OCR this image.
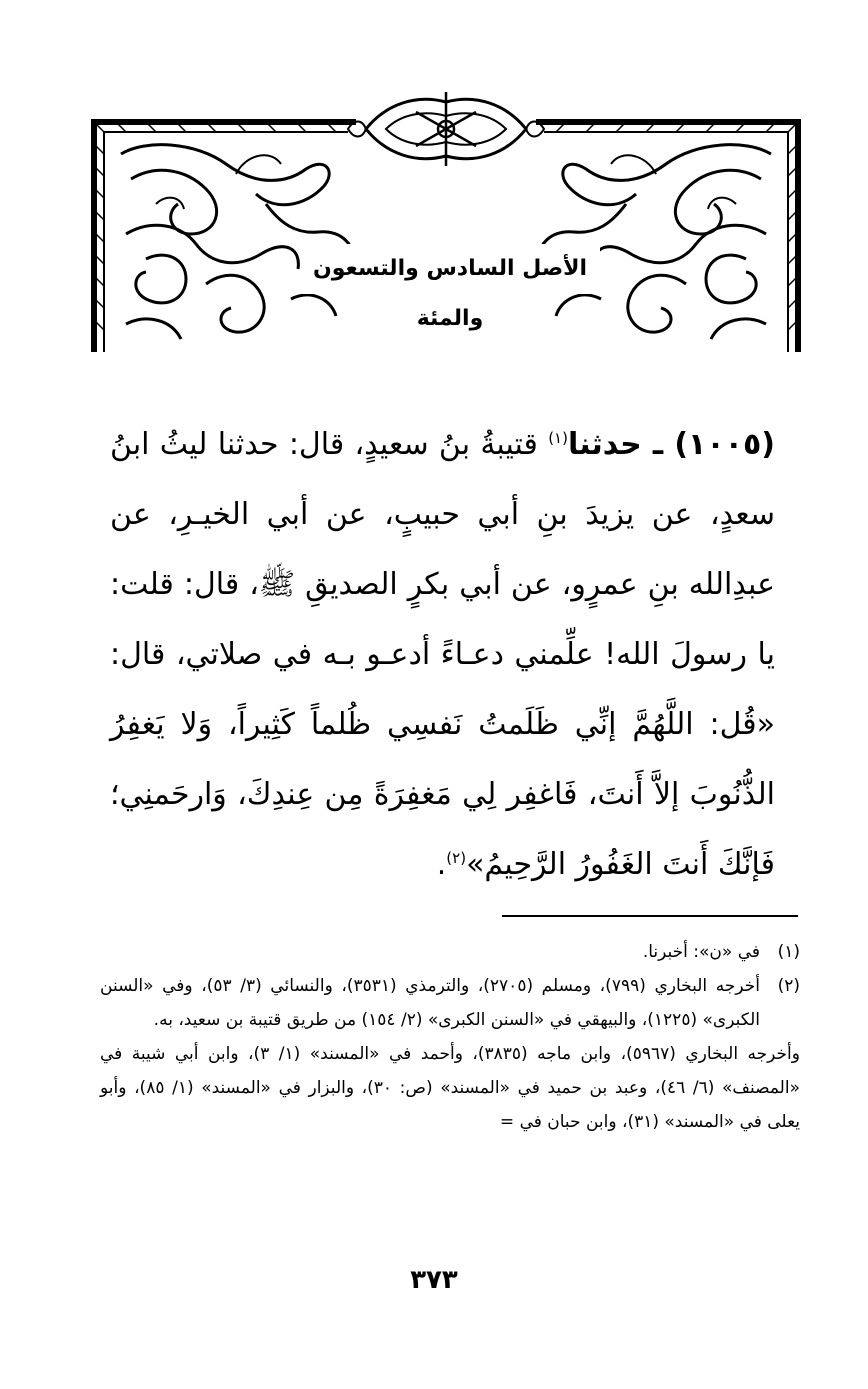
الأصل السادس والتسعون والمئة

(١٠٠٥) ـ حدثنا$^{(١)}$ قتيبةُ بنُ سعيدٍ، قال: حدثنا ليثُ ابنُ سعدٍ، عن يزيدَ بنِ أبي حبيبٍ، عن أبي الخيـرِ، عن عبدِالله بنِ عمرٍو، عن أبي بكرٍ الصديقِ ﷺ، قال: قلت: يا رسولَ الله! علِّمني دعـاءً أدعـو بـه في صلاتي، قال: «قُل: اللَّهُمَّ إنِّي ظَلَمتُ نَفسِي ظُلماً كَثِيراً، وَلا يَغفِرُ الذُّنُوبَ إلاَّ أَنتَ، فَاغفِر لِي مَغفِرَةً مِن عِندِكَ، وَارحَمنِي؛ فَإنَّكَ أَنتَ الغَفُورُ الرَّحِيمُ»$^{(٢)}$.

(١)

في «ن»: أخبرنا.

(٢)

أخرجه البخاري (٧٩٩)، ومسلم (٢٧٠٥)، والترمذي (٣٥٣١)، والنسائي (٣/ ٥٣)، وفي «السنن الكبرى» (١٢٢٥)، والبيهقي في «السنن الكبرى» (٢/ ١٥٤) من طريق قتيبة بن سعيد، به.

وأخرجه البخاري (٥٩٦٧)، وابن ماجه (٣٨٣٥)، وأحمد في «المسند» (١/ ٣)، وابن أبي شيبة في «المصنف» (٦/ ٤٦)، وعبد بن حميد في «المسند» (ص: ٣٠)، والبزار في «المسند» (١/ ٨٥)، وأبو يعلى في «المسند» (٣١)، وابن حبان في =

٣٧٣
